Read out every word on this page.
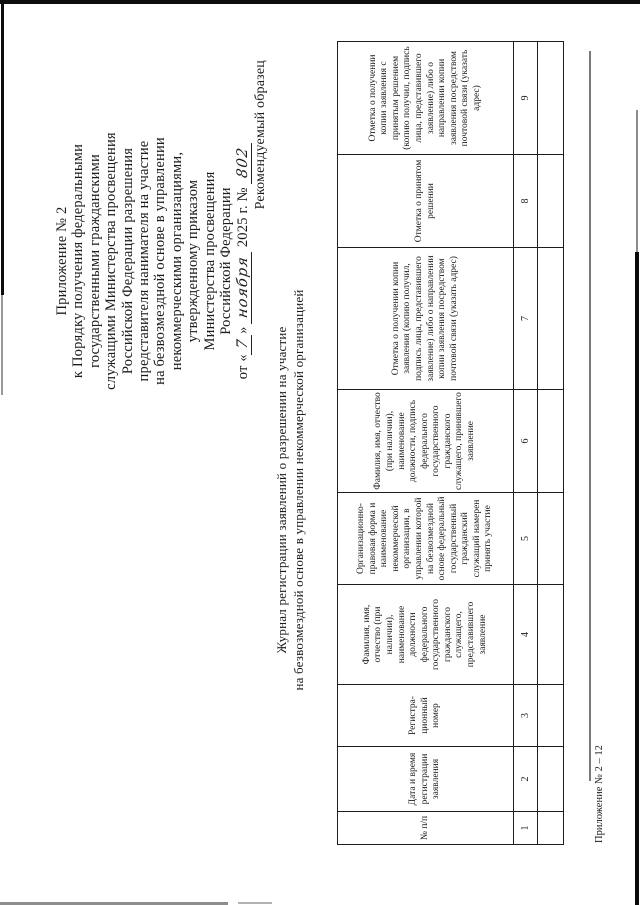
Приложение № 2 к Порядку получения федеральными государственными гражданскими служащими Министерства просвещения Российской Федерации разрешения представителя нанимателя на участие на безвозмездной основе в управлении некоммерческими организациями, утвержденному приказом Министерства просвещения Российской Федерации
от «7» ноября 2025 г. № 802 Рекомендуемый образец
Журнал регистрации заявлений о разрешении на участие на безвозмездной основе в управлении некоммерческой организацией
№ п/п	Дата и время регистрации заявления	Регистра-ционный номер	Фамилия, имя, отчество (при наличии), наименование должности федерального государственного гражданского служащего, представившего заявление	Организационно-правовая форма и наименование некоммерческой организации, в управлении которой на безвозмездной основе федеральный государственный гражданский служащий намерен принять участие	Фамилия, имя, отчество (при наличии), наименование должности, подпись федерального государственного гражданского служащего, принявшего заявление	Отметка о получении копии заявления (копию получил, подпись лица, представившего заявление) либо о направлении копии заявления посредством почтовой связи (указать адрес)	Отметка о принятом решении	Отметка о получении копии заявления с принятым решением (копию получил, подпись лица, представившего заявление) либо о направлении копии заявления посредством почтовой связи (указать адрес)
1	2	3	4	5	6	7	8	9

Приложение № 2 – 12
